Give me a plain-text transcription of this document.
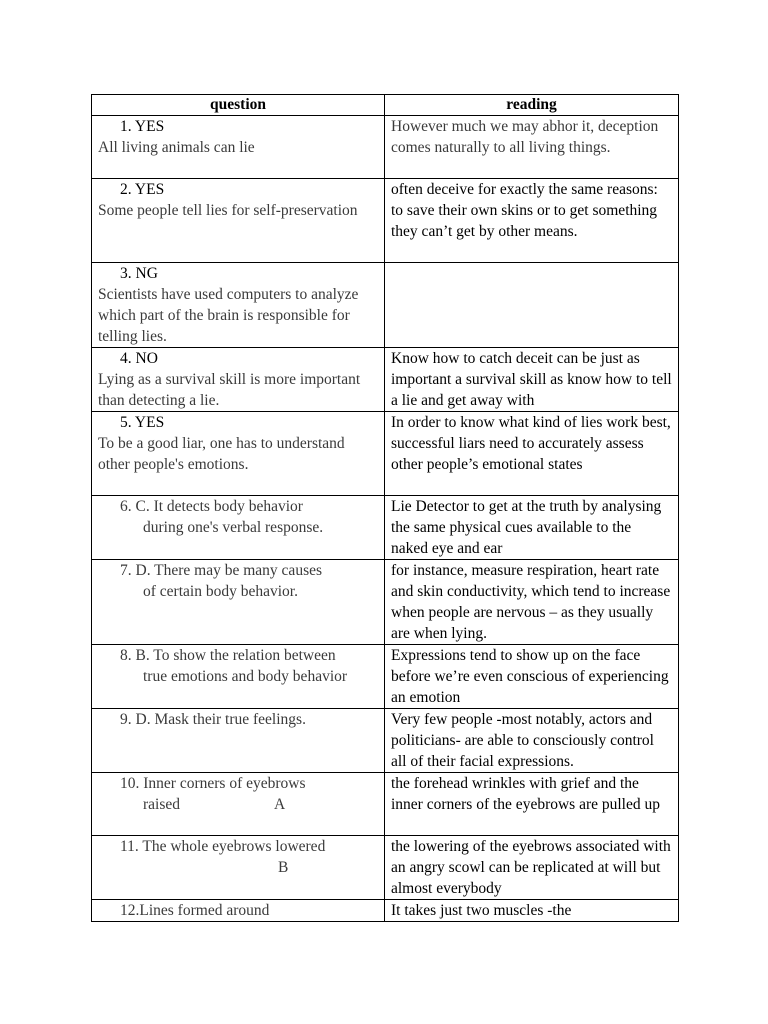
question	reading

1. YES
All living animals can lie	However much we may abhor it, deception comes naturally to all living things.

2. YES
Some people tell lies for self-preservation	often deceive for exactly the same reasons: to save their own skins or to get something they can’t get by other means.

3. NG
Scientists have used computers to analyze which part of the brain is responsible for telling lies.	

4. NO
Lying as a survival skill is more important than detecting a lie.	Know how to catch deceit can be just as important a survival skill as know how to tell a lie and get away with

5. YES
To be a good liar, one has to understand other people's emotions.	In order to know what kind of lies work best, successful liars need to accurately assess other people’s emotional states

6. C. It detects body behavior
during one's verbal response.	Lie Detector to get at the truth by analysing the same physical cues available to the naked eye and ear

7. D. There may be many causes
of certain body behavior.	for instance, measure respiration, heart rate and skin conductivity, which tend to increase when people are nervous – as they usually are when lying.

8. B. To show the relation between
true emotions and body behavior	Expressions tend to show up on the face before we’re even conscious of experiencing an emotion

9. D. Mask their true feelings.	Very few people -most notably, actors and politicians- are able to consciously control all of their facial expressions.

10. Inner corners of eyebrows
raised A	the forehead wrinkles with grief and the inner corners of the eyebrows are pulled up

11. The whole eyebrows lowered
B	the lowering of the eyebrows associated with an angry scowl can be replicated at will but almost everybody

12.Lines formed around	It takes just two muscles -the
